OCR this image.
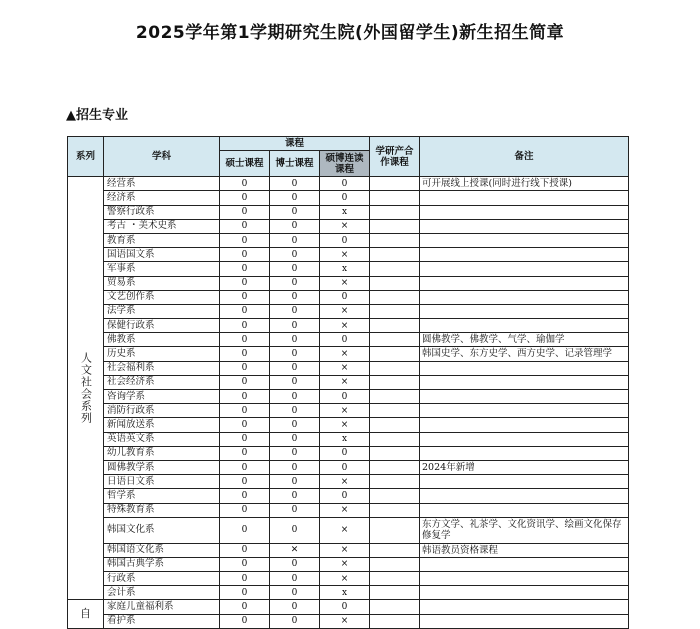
2025学年第1学期研究生院(外国留学生)新生招生简章
▲招生专业
系列	学科	课程			学研产合作课程	备注
		硕士课程	博士课程	硕博连读课程		
人文社会系列	经营系	0	0	0		可开展线上授课(同时进行线下授课)
	经济系	0	0	0		
	警察行政系	0	0	x		
	考古 ・美术史系	0	0	×		
	教育系	0	0	0		
	国语国文系	0	0	×		
	军事系	0	0	x		
	贸易系	0	0	×		
	文艺创作系	0	0	0		
	法学系	0	0	×		
	保健行政系	0	0	×		
	佛教系	0	0	0		圆佛教学、佛教学、气学、瑜伽学
	历史系	0	0	×		韩国史学、东方史学、西方史学、记录管理学
	社会福利系	0	0	×		
	社会经济系	0	0	×		
	咨询学系	0	0	0		
	消防行政系	0	0	×		
	新闻放送系	0	0	×		
	英语英文系	0	0	x		
	幼儿教育系	0	0	0		
	圆佛教学系	0	0	0		2024年新增
	日语日文系	0	0	×		
	哲学系	0	0	0		
	特殊教育系	0	0	×		
	韩国文化系	0	0	×		东方文学、礼茶学、文化资讯学、绘画文化保存修复学
	韩国语文化系	0	✕	×		韩语教员资格课程
	韩国古典学系	0	0	×		
	行政系	0	0	×		
	会计系	0	0	x		
自	家庭儿童福利系	0	0	0		
	看护系	0	0	×		
